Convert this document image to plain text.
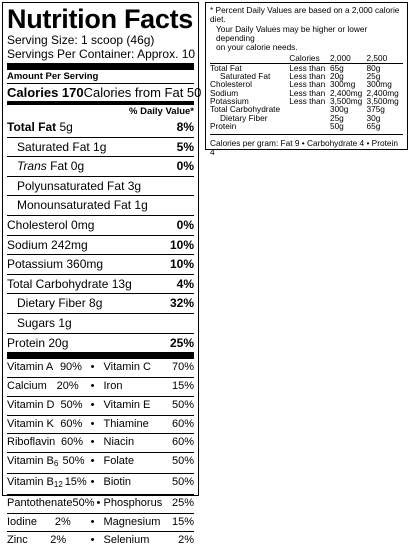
Nutrition Facts
Serving Size: 1 scoop (46g)
Servings Per Container: Approx. 10
Amount Per Serving
Calories 170 Calories from Fat 50
% Daily Value*
Total Fat 5g	8%
Saturated Fat 1g	5%
Trans Fat 0g	0%
Polyunsaturated Fat 3g
Monounsaturated Fat 1g
Cholesterol 0mg	0%
Sodium 242mg	10%
Potassium 360mg	10%
Total Carbohydrate 13g	4%
Dietary Fiber 8g	32%
Sugars 1g
Protein 20g	25%
Vitamin A 90% • Vitamin C 70%
Calcium 20% • Iron	15%
Vitamin D 50% • Vitamin E 50%
Vitamin K 60% • Thiamine 60%
Riboflavin 60% • Niacin	60%
Vitamin $B_6$ 50% • Folate	50%
Vitamin $B_{12}$ 15% • Biotin	50%
Pantothenate 50% • Phosphorus 25%
Iodine 2% • Magnesium 15%
Zinc 2% • Selenium	2%
* Percent Daily Values are based on a 2,000 calorie diet.
Your Daily Values may be higher or lower depending
on your calorie needs.
	Calories	2,000	2,500
Total Fat	Less than	65g	80g
Saturated Fat	Less than	20g	25g
Cholesterol	Less than	300mg	300mg
Sodium	Less than	2,400mg	2,400mg
Potassium	Less than	3,500mg	3,500mg
Total Carbohydrate		300g	375g
Dietary Fiber		25g	30g
Protein		50g	65g
Calories per gram: Fat 9 • Carbohydrate 4 • Protein 4
